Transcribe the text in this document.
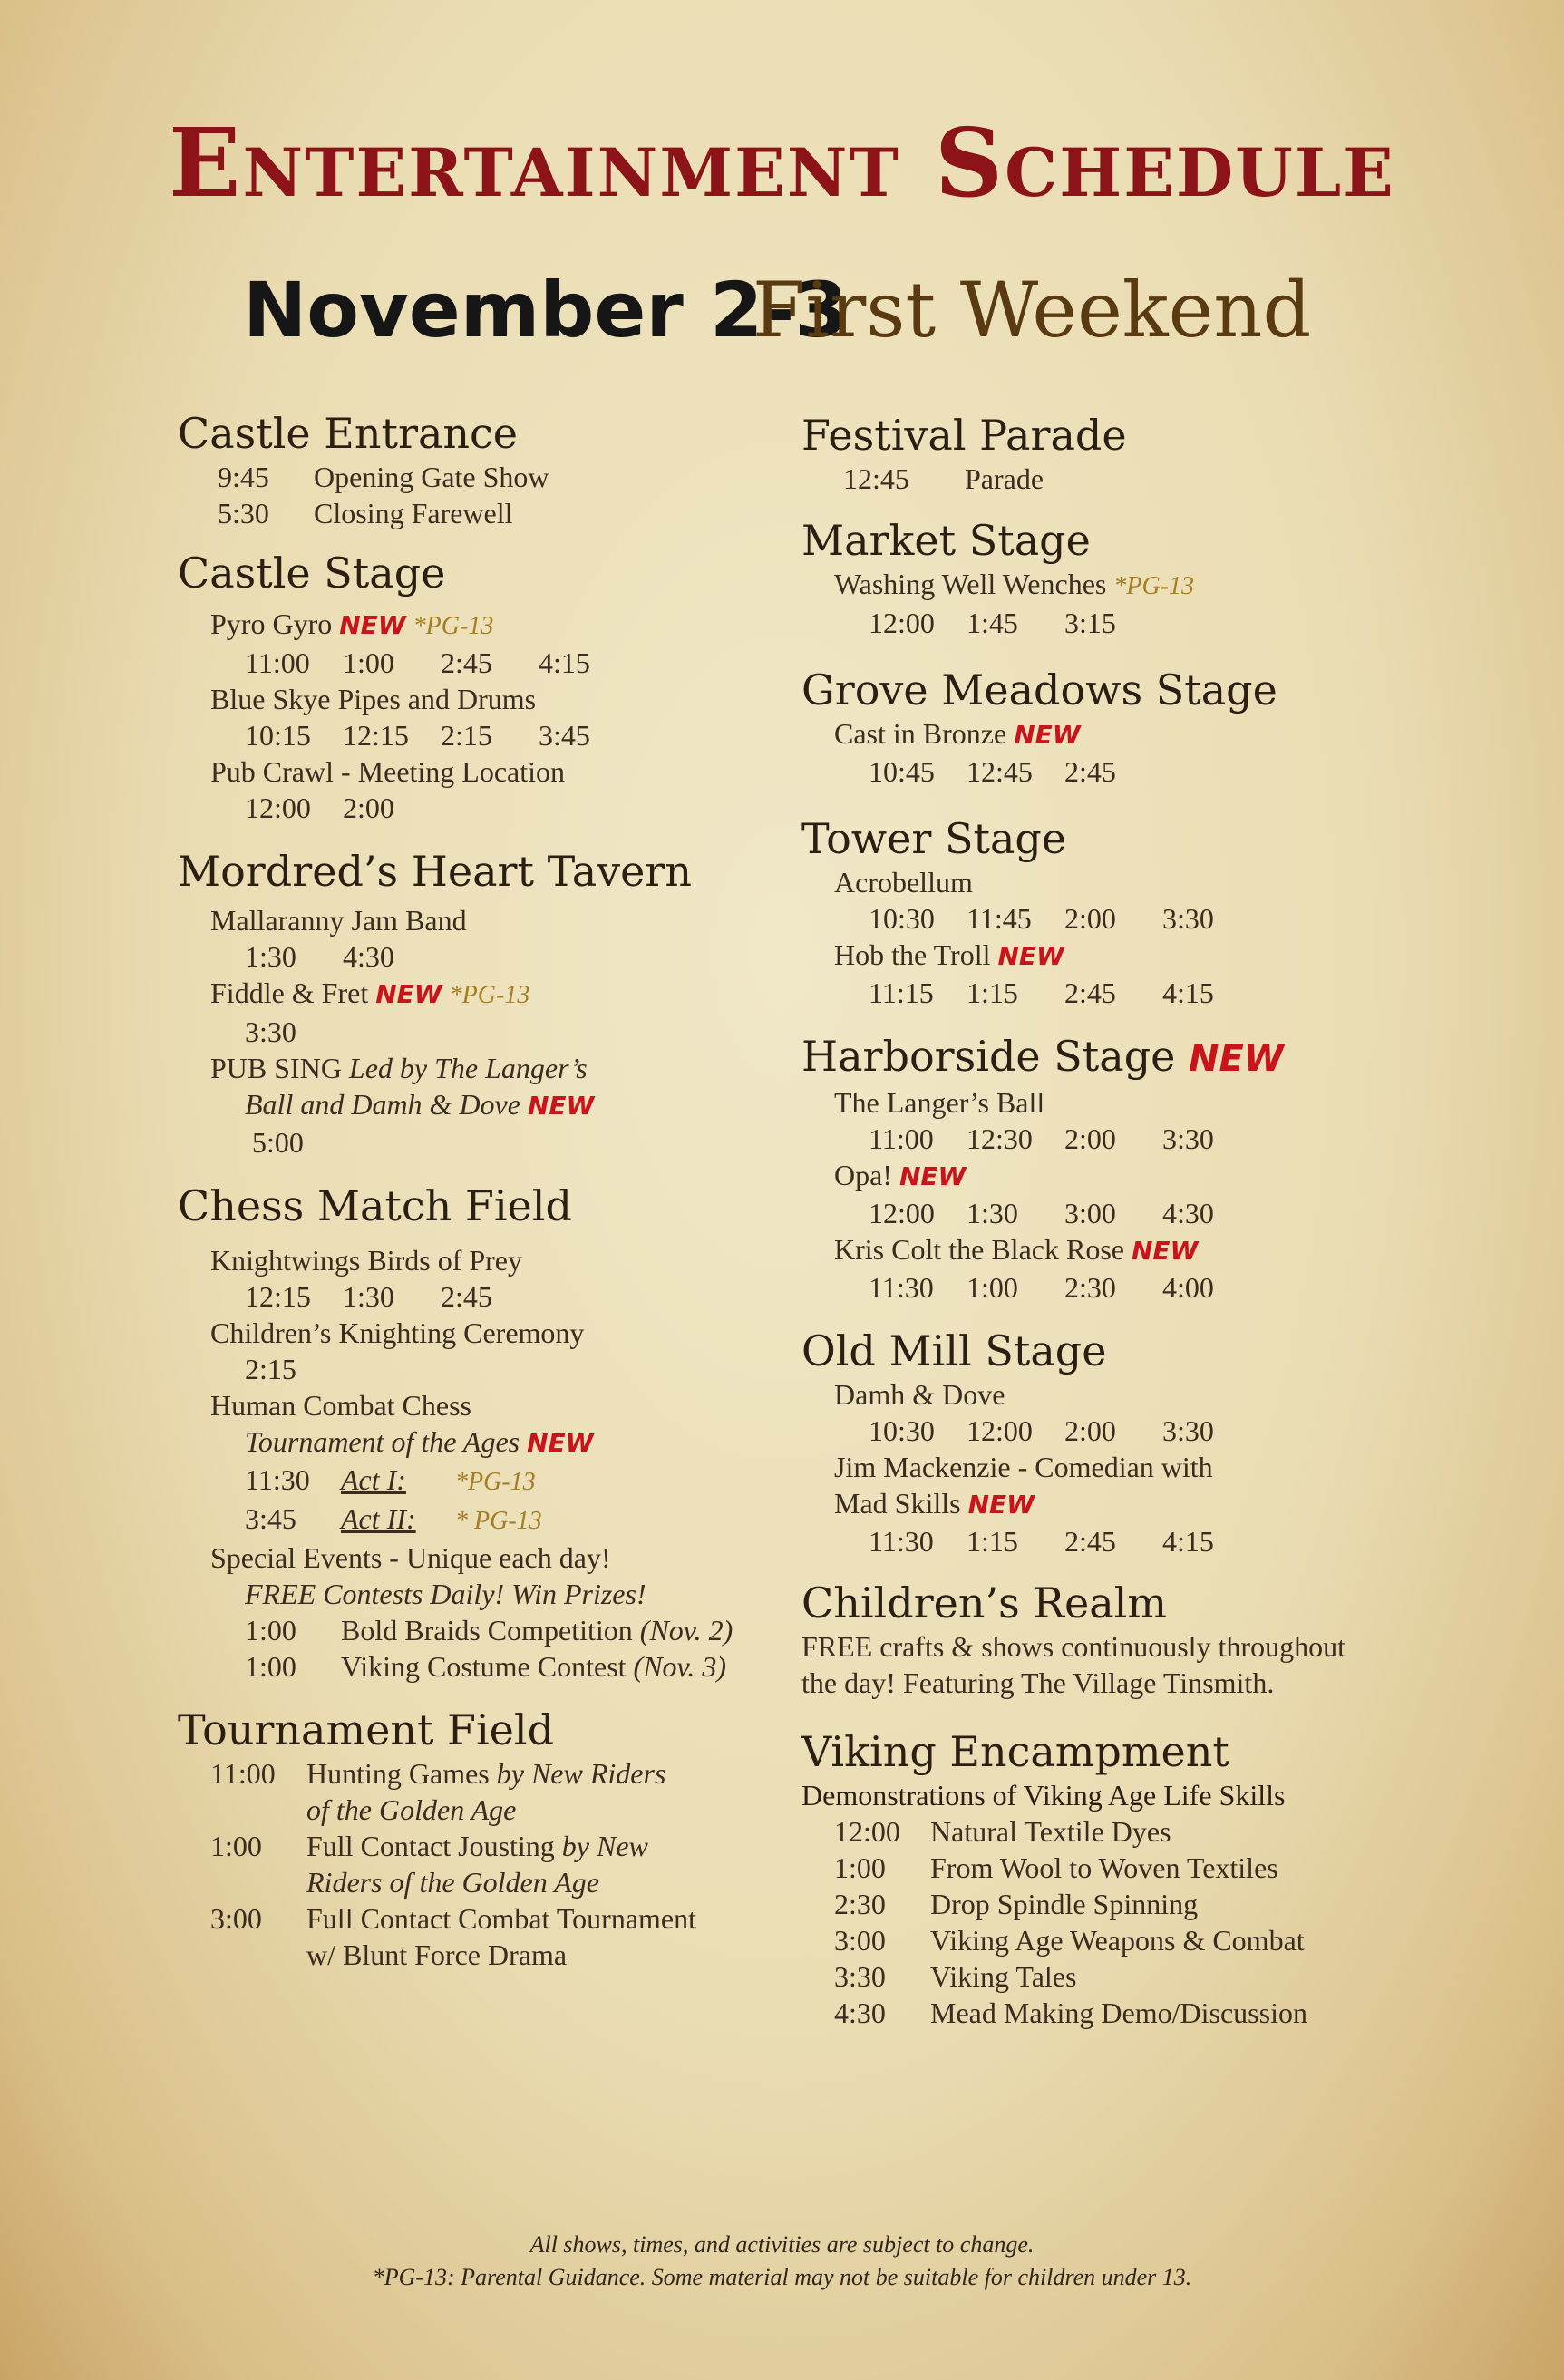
Entertainment Schedule
November 2-3
First Weekend
Castle Entrance
9:45 Opening Gate Show
5:30 Closing Farewell
Castle Stage
Pyro Gyro NEW *PG-13
11:00 1:00 2:45 4:15
Blue Skye Pipes and Drums
10:15 12:15 2:15 3:45
Pub Crawl - Meeting Location
12:00 2:00
Mordred’s Heart Tavern
Mallaranny Jam Band
1:30 4:30
Fiddle & Fret NEW *PG-13
3:30
PUB SING Led by The Langer’s
Ball and Damh & Dove NEW
5:00
Chess Match Field
Knightwings Birds of Prey
12:15 1:30 2:45
Children’s Knighting Ceremony
2:15
Human Combat Chess
Tournament of the Ages NEW
11:30 Act I: *PG-13
3:45 Act II: * PG-13
Special Events - Unique each day!
FREE Contests Daily! Win Prizes!
1:00 Bold Braids Competition (Nov. 2)
1:00 Viking Costume Contest (Nov. 3)
Tournament Field
11:00 Hunting Games by New Riders
of the Golden Age
1:00 Full Contact Jousting by New
Riders of the Golden Age
3:00 Full Contact Combat Tournament
w/ Blunt Force Drama
Festival Parade
12:45 Parade
Market Stage
Washing Well Wenches *PG-13
12:00 1:45 3:15
Grove Meadows Stage
Cast in Bronze NEW
10:45 12:45 2:45
Tower Stage
Acrobellum
10:30 11:45 2:00 3:30
Hob the Troll NEW
11:15 1:15 2:45 4:15
Harborside Stage NEW
The Langer’s Ball
11:00 12:30 2:00 3:30
Opa! NEW
12:00 1:30 3:00 4:30
Kris Colt the Black Rose NEW
11:30 1:00 2:30 4:00
Old Mill Stage
Damh & Dove
10:30 12:00 2:00 3:30
Jim Mackenzie - Comedian with
Mad Skills NEW
11:30 1:15 2:45 4:15
Children’s Realm
FREE crafts & shows continuously throughout
the day! Featuring The Village Tinsmith.
Viking Encampment
Demonstrations of Viking Age Life Skills
12:00 Natural Textile Dyes
1:00 From Wool to Woven Textiles
2:30 Drop Spindle Spinning
3:00 Viking Age Weapons & Combat
3:30 Viking Tales
4:30 Mead Making Demo/Discussion
All shows, times, and activities are subject to change.
*PG-13: Parental Guidance. Some material may not be suitable for children under 13.
